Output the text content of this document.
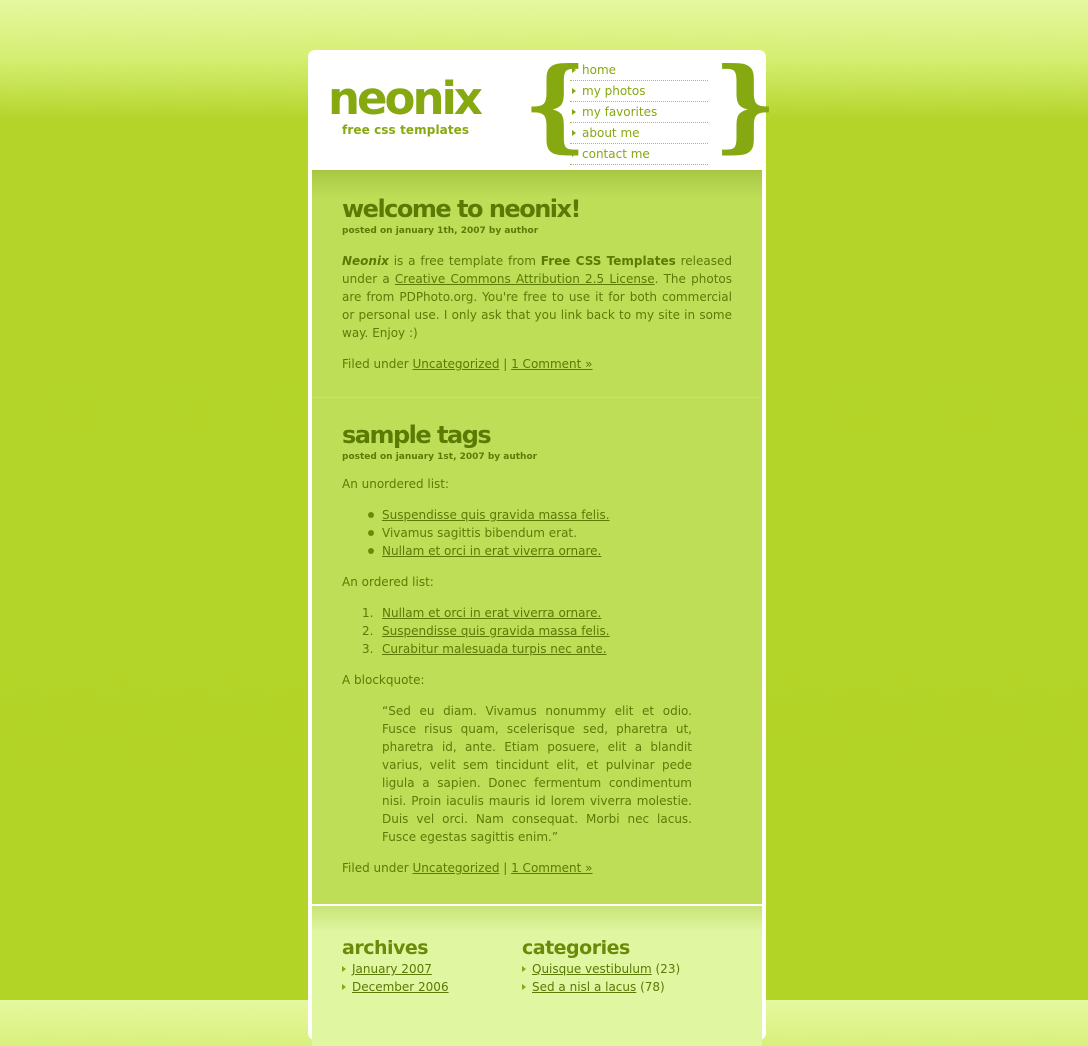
neonix
free css templates {
home
my photos
my favorites
about me
contact me }
welcome to neonix!
posted on january 1th, 2007 by author

Neonix is a free template from Free CSS Templates released under a Creative Commons Attribution 2.5 License. The photos are from PDPhoto.org. You're free to use it for both commercial or personal use. I only ask that you link back to my site in some way. Enjoy :)

Filed under Uncategorized | 1 Comment »

sample tags
posted on january 1st, 2007 by author

An unordered list:

Suspendisse quis gravida massa felis.
Vivamus sagittis bibendum erat.
Nullam et orci in erat viverra ornare.

An ordered list:

1. Nullam et orci in erat viverra ornare.
2. Suspendisse quis gravida massa felis.
3. Curabitur malesuada turpis nec ante.

A blockquote:

“Sed eu diam. Vivamus nonummy elit et odio. Fusce risus quam, scelerisque sed, pharetra ut, pharetra id, ante. Etiam posuere, elit a blandit varius, velit sem tincidunt elit, et pulvinar pede ligula a sapien. Donec fermentum condimentum nisi. Proin iaculis mauris id lorem viverra molestie. Duis vel orci. Nam consequat. Morbi nec lacus. Fusce egestas sagittis enim.”

Filed under Uncategorized | 1 Comment »

archives
January 2007
December 2006
categories
Quisque vestibulum (23)
Sed a nisl a lacus (78)
